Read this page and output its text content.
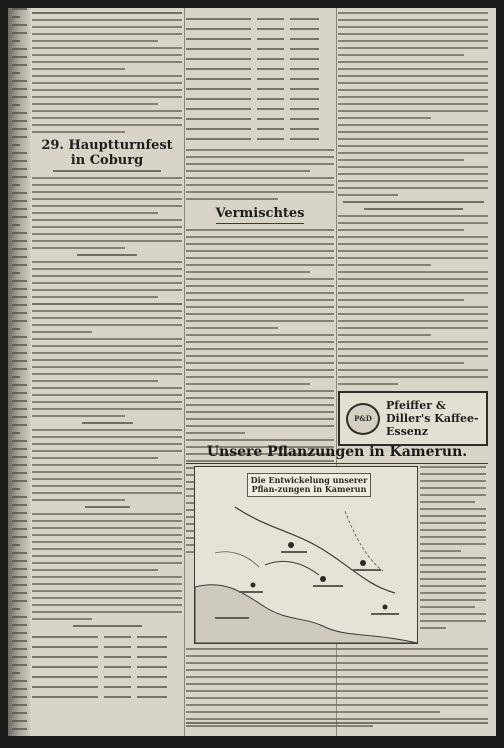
29. Hauptturnfest in Coburg
Vermischtes
P&D
Pfeiffer & Diller's Kaffee-Essenz
Unsere Pflanzungen in Kamerun.
Die Entwickelung unserer Pflan-zungen in Kamerun
